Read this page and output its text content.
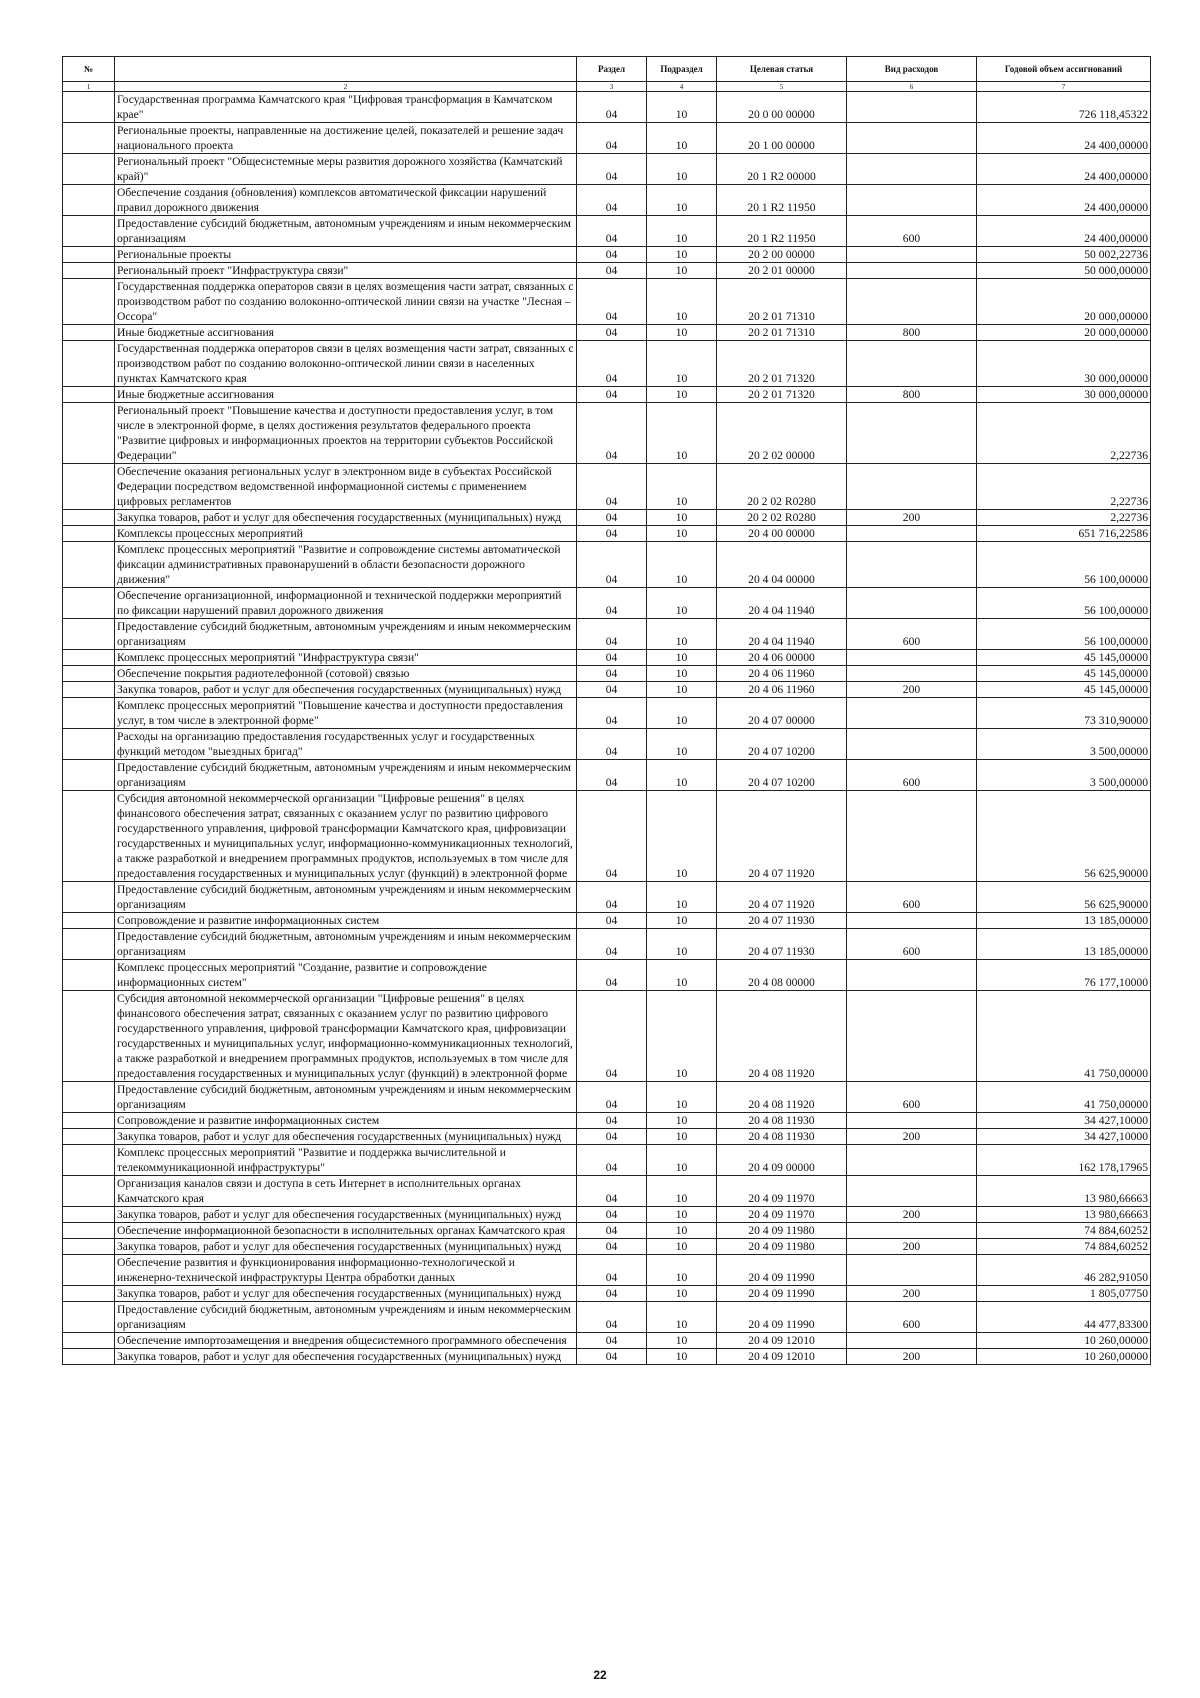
№		Раздел	Подраздел	Целевая статья	Вид расходов	Годовой объем ассигнований
1	2	3	4	5	6	7
	Государственная программа Камчатского края "Цифровая трансформация в Камчатском крае"	04	10	20 0 00 00000		726 118,45322
	Региональные проекты, направленные на достижение целей, показателей и решение задач национального проекта	04	10	20 1 00 00000		24 400,00000
	Региональный проект "Общесистемные меры развития дорожного хозяйства (Камчатский край)"	04	10	20 1 R2 00000		24 400,00000
	Обеспечение создания (обновления) комплексов автоматической фиксации нарушений правил дорожного движения	04	10	20 1 R2 11950		24 400,00000
	Предоставление субсидий бюджетным, автономным учреждениям и иным некоммерческим организациям	04	10	20 1 R2 11950	600	24 400,00000
	Региональные проекты	04	10	20 2 00 00000		50 002,22736
	Региональный проект "Инфраструктура связи"	04	10	20 2 01 00000		50 000,00000
	Государственная поддержка операторов связи в целях возмещения части затрат, связанных с производством работ по созданию волоконно-оптической линии связи на участке "Лесная – Оссора"	04	10	20 2 01 71310		20 000,00000
	Иные бюджетные ассигнования	04	10	20 2 01 71310	800	20 000,00000
	Государственная поддержка операторов связи в целях возмещения части затрат, связанных с производством работ по созданию волоконно-оптической линии связи в населенных пунктах Камчатского края	04	10	20 2 01 71320		30 000,00000
	Иные бюджетные ассигнования	04	10	20 2 01 71320	800	30 000,00000
	Региональный проект "Повышение качества и доступности предоставления услуг, в том числе в электронной форме, в целях достижения результатов федерального проекта "Развитие цифровых и информационных проектов на территории субъектов Российской Федерации"	04	10	20 2 02 00000		2,22736
	Обеспечение оказания региональных услуг в электронном виде в субъектах Российской Федерации посредством ведомственной информационной системы с применением цифровых регламентов	04	10	20 2 02 R0280		2,22736
	Закупка товаров, работ и услуг для обеспечения государственных (муниципальных) нужд	04	10	20 2 02 R0280	200	2,22736
	Комплексы процессных мероприятий	04	10	20 4 00 00000		651 716,22586
	Комплекс процессных мероприятий "Развитие и сопровождение системы автоматической фиксации административных правонарушений в области безопасности дорожного движения"	04	10	20 4 04 00000		56 100,00000
	Обеспечение организационной, информационной и технической поддержки мероприятий по фиксации нарушений правил дорожного движения	04	10	20 4 04 11940		56 100,00000
	Предоставление субсидий бюджетным, автономным учреждениям и иным некоммерческим организациям	04	10	20 4 04 11940	600	56 100,00000
	Комплекс процессных мероприятий "Инфраструктура связи"	04	10	20 4 06 00000		45 145,00000
	Обеспечение покрытия радиотелефонной (сотовой) связью	04	10	20 4 06 11960		45 145,00000
	Закупка товаров, работ и услуг для обеспечения государственных (муниципальных) нужд	04	10	20 4 06 11960	200	45 145,00000
	Комплекс процессных мероприятий "Повышение качества и доступности предоставления услуг, в том числе в электронной форме"	04	10	20 4 07 00000		73 310,90000
	Расходы на организацию предоставления государственных услуг и государственных функций методом "выездных бригад"	04	10	20 4 07 10200		3 500,00000
	Предоставление субсидий бюджетным, автономным учреждениям и иным некоммерческим организациям	04	10	20 4 07 10200	600	3 500,00000
	Субсидия автономной некоммерческой организации "Цифровые решения" в целях финансового обеспечения затрат, связанных с оказанием услуг по развитию цифрового государственного управления, цифровой трансформации Камчатского края, цифровизации государственных и муниципальных услуг, информационно-коммуникационных технологий, а также разработкой и внедрением программных продуктов, используемых в том числе для предоставления государственных и муниципальных услуг (функций) в электронной форме	04	10	20 4 07 11920		56 625,90000
	Предоставление субсидий бюджетным, автономным учреждениям и иным некоммерческим организациям	04	10	20 4 07 11920	600	56 625,90000
	Сопровождение и развитие информационных систем	04	10	20 4 07 11930		13 185,00000
	Предоставление субсидий бюджетным, автономным учреждениям и иным некоммерческим организациям	04	10	20 4 07 11930	600	13 185,00000
	Комплекс процессных мероприятий "Создание, развитие и сопровождение информационных систем"	04	10	20 4 08 00000		76 177,10000
	Субсидия автономной некоммерческой организации "Цифровые решения" в целях финансового обеспечения затрат, связанных с оказанием услуг по развитию цифрового государственного управления, цифровой трансформации Камчатского края, цифровизации государственных и муниципальных услуг, информационно-коммуникационных технологий, а также разработкой и внедрением программных продуктов, используемых в том числе для предоставления государственных и муниципальных услуг (функций) в электронной форме	04	10	20 4 08 11920		41 750,00000
	Предоставление субсидий бюджетным, автономным учреждениям и иным некоммерческим организациям	04	10	20 4 08 11920	600	41 750,00000
	Сопровождение и развитие информационных систем	04	10	20 4 08 11930		34 427,10000
	Закупка товаров, работ и услуг для обеспечения государственных (муниципальных) нужд	04	10	20 4 08 11930	200	34 427,10000
	Комплекс процессных мероприятий "Развитие и поддержка вычислительной и телекоммуникационной инфраструктуры"	04	10	20 4 09 00000		162 178,17965
	Организация каналов связи и доступа в сеть Интернет в исполнительных органах Камчатского края	04	10	20 4 09 11970		13 980,66663
	Закупка товаров, работ и услуг для обеспечения государственных (муниципальных) нужд	04	10	20 4 09 11970	200	13 980,66663
	Обеспечение информационной безопасности в исполнительных органах Камчатского края	04	10	20 4 09 11980		74 884,60252
	Закупка товаров, работ и услуг для обеспечения государственных (муниципальных) нужд	04	10	20 4 09 11980	200	74 884,60252
	Обеспечение развития и функционирования информационно-технологической и инженерно-технической инфраструктуры Центра обработки данных	04	10	20 4 09 11990		46 282,91050
	Закупка товаров, работ и услуг для обеспечения государственных (муниципальных) нужд	04	10	20 4 09 11990	200	1 805,07750
	Предоставление субсидий бюджетным, автономным учреждениям и иным некоммерческим организациям	04	10	20 4 09 11990	600	44 477,83300
	Обеспечение импортозамещения и внедрения общесистемного программного обеспечения	04	10	20 4 09 12010		10 260,00000
	Закупка товаров, работ и услуг для обеспечения государственных (муниципальных) нужд	04	10	20 4 09 12010	200	10 260,00000
22
